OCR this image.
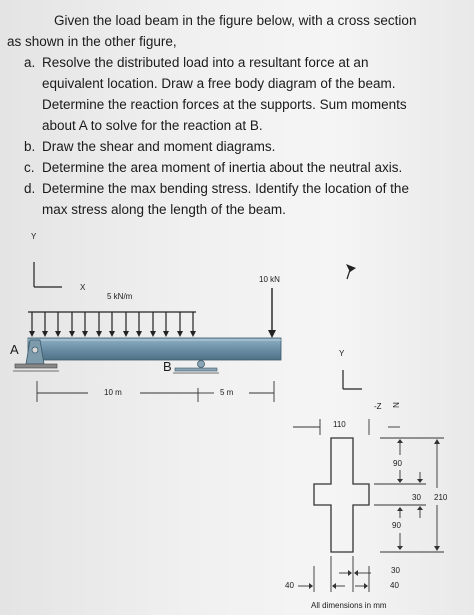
Given the load beam in the figure below, with a cross section
as shown in the other figure,
a. Resolve the distributed load into a resultant force at an
equivalent location. Draw a free body diagram of the beam.
Determine the reaction forces at the supports. Sum moments
about A to solve for the reaction at B.
b. Draw the shear and moment diagrams.
c. Determine the area moment of inertia about the neutral axis.
d. Determine the max bending stress. Identify the location of the
max stress along the length of the beam.
Y
X
5 kN/m
10 kN
A
B
10 m	5 m
Y
-Z N
110
90
30 210
90
30
40	40
All dimensions in mm
